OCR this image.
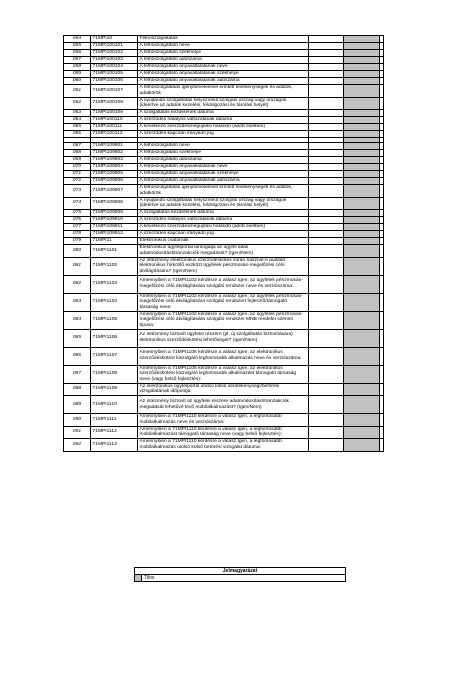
054	71MPI10	Felhőszolgáltatás			
055	71MPI100101	A felhőszolgáltató neve			
056	71MPI100102	A felhőszolgáltató székhelye			
057	71MPI100103	A felhőszolgáltató adószáma			
058	71MPI100104	A felhőszolgáltató anyavállalatának neve			
059	71MPI100105	A felhőszolgáltató anyavállalatának székhelye			
060	71MPI100106	A felhőszolgáltató anyavállalatának adószáma			
061	71MPI100107	A felhőszolgáltatás igénybevételével érintett tevékenységek és adatok, adatkörök			
062	71MPI100108	A nyújtandó szolgáltatás helyszínéül szolgáló ország vagy országok (ideértve az adatok kezelési, feldolgozási és tárolási helyét)			
063	71MPI100109	A szolgáltatás kezdetének dátuma			
064	71MPI100110	A szerződés hatályos változatának dátuma			
065	71MPI100111	A következő szerződésmegújítási határidő (adott esetben)			
066	71MPI100112	A szerződés kapcsán irányadó jog			

067	71MPI109901	A felhőszolgáltató neve			
068	71MPI109902	A felhőszolgáltató székhelye			
069	71MPI109903	A felhőszolgáltató adószáma			
070	71MPI109904	A felhőszolgáltató anyavállalatának neve			
071	71MPI109905	A felhőszolgáltató anyavállalatának székhelye			
072	71MPI109906	A felhőszolgáltató anyavállalatának adószáma			
073	71MPI109907	A felhőszolgáltatás igénybevételével érintett tevékenységek és adatok, adatkörök			
074	71MPI109908	A nyújtandó szolgáltatás helyszínéül szolgáló ország vagy országok (ideértve az adatok kezelési, feldolgozási és tárolási helyét)			
075	71MPI109909	A szolgáltatás kezdetének dátuma			
076	71MPI109910	A szerződés hatályos változatának dátuma			
077	71MPI109911	A következő szerződésmegújítási határidő (adott esetben)			
078	71MPI109912	A szerződés kapcsán irányadó jog			
079	71MPI11	Elektronikus csatornák			
080	71MPI1101	Elektronikus ügyfélportál támogatja az ügyfél általi adatmódosítást/tranzakciók megadását? (Igen/Nem)			
081	71MPI1102	Az intézmény elektronikus szerződéskötés során használ-e auditált elektronikus hírközlő eszközt ügyfelek pénzmosás-megelőzési célú átvilágítására? (Igen/Nem)			
082	71MPI1103	Amennyiben a 71MPI1102 kérdésre a válasz Igen, az ügyfelek pénzmosás-megelőzési célú átvilágítására szolgáló rendszer neve és verziószáma:			
083	71MPI1104	Amennyiben a 71MPI1102 kérdésre a válasz Igen, az ügyfelek pénzmosás-megelőzési célú átvilágítására szolgáló rendszert fejlesztő/támogató társaság neve:			
084	71MPI1105	Amennyiben a 71MPI1102 kérdésre a válasz Igen, az ügyfelek pénzmosás-megelőzési célú átvilágítására szolgáló rendszer MNB rendelet szerinti típusa:			
085	71MPI1106	Az intézmény biztosít ügyfelei részére (pl. új szolgáltatás biztosítására) elektronikus szerződéskötési lehetőséget? (Igen/Nem)			
086	71MPI1107	Amennyiben a 71MPI1106 kérdésre a válasz Igen, az elektronikus szerződéskötést kiszolgáló legfontosabb alkalmazás neve és verziószáma:			
087	71MPI1108	Amennyiben a 71MPI1106 kérdésre a válasz Igen, az elektronikus szerződéskötést kiszolgáló legfontosabb alkalmazást támogató társaság neve (vagy belső fejlesztés):			
088	71MPI1109	Az elektronikus ügyfélportál utolsó külső sérülékenységi/betörési vizsgálatának időpontja:			
089	71MPI1110	Az intézmény biztosít az ügyfelei részére adatmódosítást/tranzakciók megadását lehetővé tevő mobilalkalmazást? (Igen/Nem)			
090	71MPI1111	Amennyiben a 71MPI1110 kérdésre a válasz Igen, a legfontosabb mobilalkalmazás neve és verziószáma:			
091	71MPI1112	Amennyiben a 71MPI1110 kérdésre a válasz Igen, a legfontosabb mobilalkalmazást támogató társaság neve (vagy belső fejlesztés):			
092	71MPI1113	Amennyiben a 71MPI1110 kérdésre a válasz Igen, a legfontosabb mobilalkalmazás utolsó külső betörési vizsgálat dátuma:			
Jelmagyarázat
	Tilos
